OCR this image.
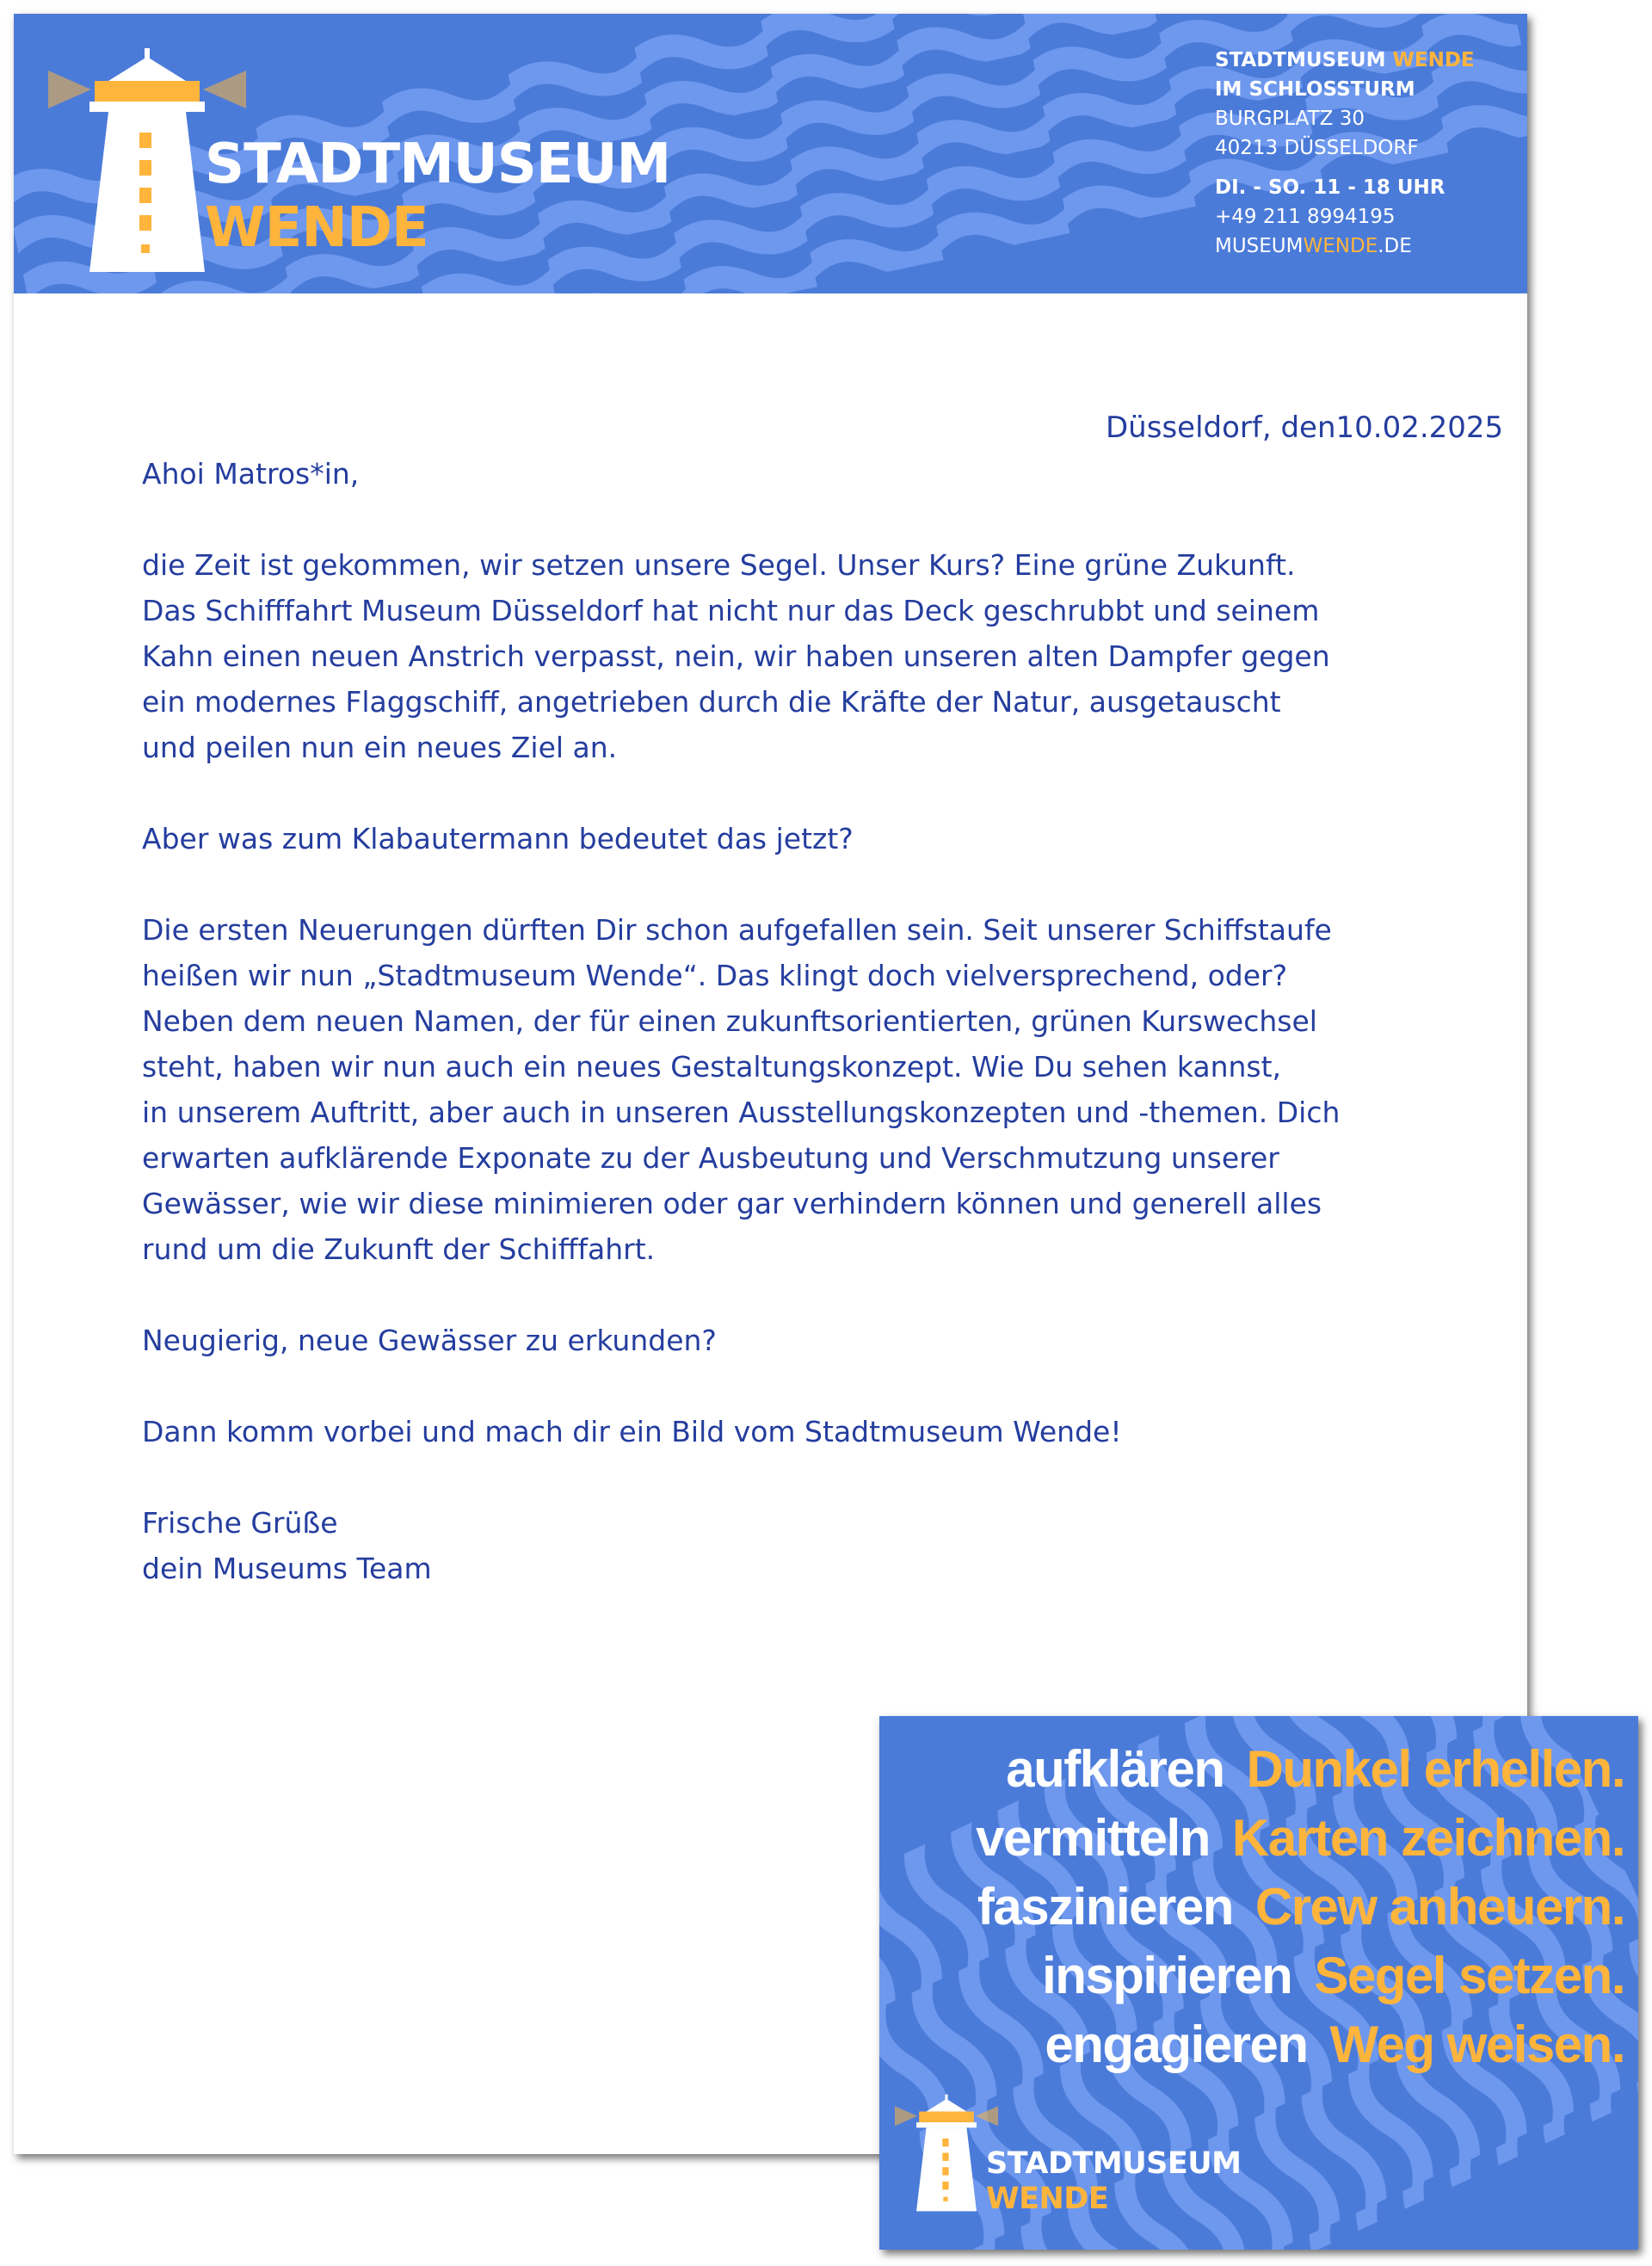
STADTMUSEUM
WENDE
STADTMUSEUM WENDE
IM SCHLOSSTURM
BURGPLATZ 30
40213 DÜSSELDORF
DI. - SO. 11 - 18 UHR
+49 211 8994195
MUSEUMWENDE.DE
Düsseldorf, den10.02.2025
Ahoi Matros*in,
die Zeit ist gekommen, wir setzen unsere Segel. Unser Kurs? Eine grüne Zukunft.
Das Schifffahrt Museum Düsseldorf hat nicht nur das Deck geschrubbt und seinem
Kahn einen neuen Anstrich verpasst, nein, wir haben unseren alten Dampfer gegen
ein modernes Flaggschiff, angetrieben durch die Kräfte der Natur, ausgetauscht
und peilen nun ein neues Ziel an.
Aber was zum Klabautermann bedeutet das jetzt?
Die ersten Neuerungen dürften Dir schon aufgefallen sein. Seit unserer Schiffstaufe
heißen wir nun „Stadtmuseum Wende“. Das klingt doch vielversprechend, oder?
Neben dem neuen Namen, der für einen zukunftsorientierten, grünen Kurswechsel
steht, haben wir nun auch ein neues Gestaltungskonzept. Wie Du sehen kannst,
in unserem Auftritt, aber auch in unseren Ausstellungskonzepten und -themen. Dich
erwarten aufklärende Exponate zu der Ausbeutung und Verschmutzung unserer
Gewässer, wie wir diese minimieren oder gar verhindern können und generell alles
rund um die Zukunft der Schifffahrt.
Neugierig, neue Gewässer zu erkunden?
Dann komm vorbei und mach dir ein Bild vom Stadtmuseum Wende!
Frische Grüße
dein Museums Team
aufklären Dunkel erhellen.
vermitteln Karten zeichnen.
faszinieren Crew anheuern.
inspirieren Segel setzen.
engagieren Weg weisen.
STADTMUSEUM
WENDE
